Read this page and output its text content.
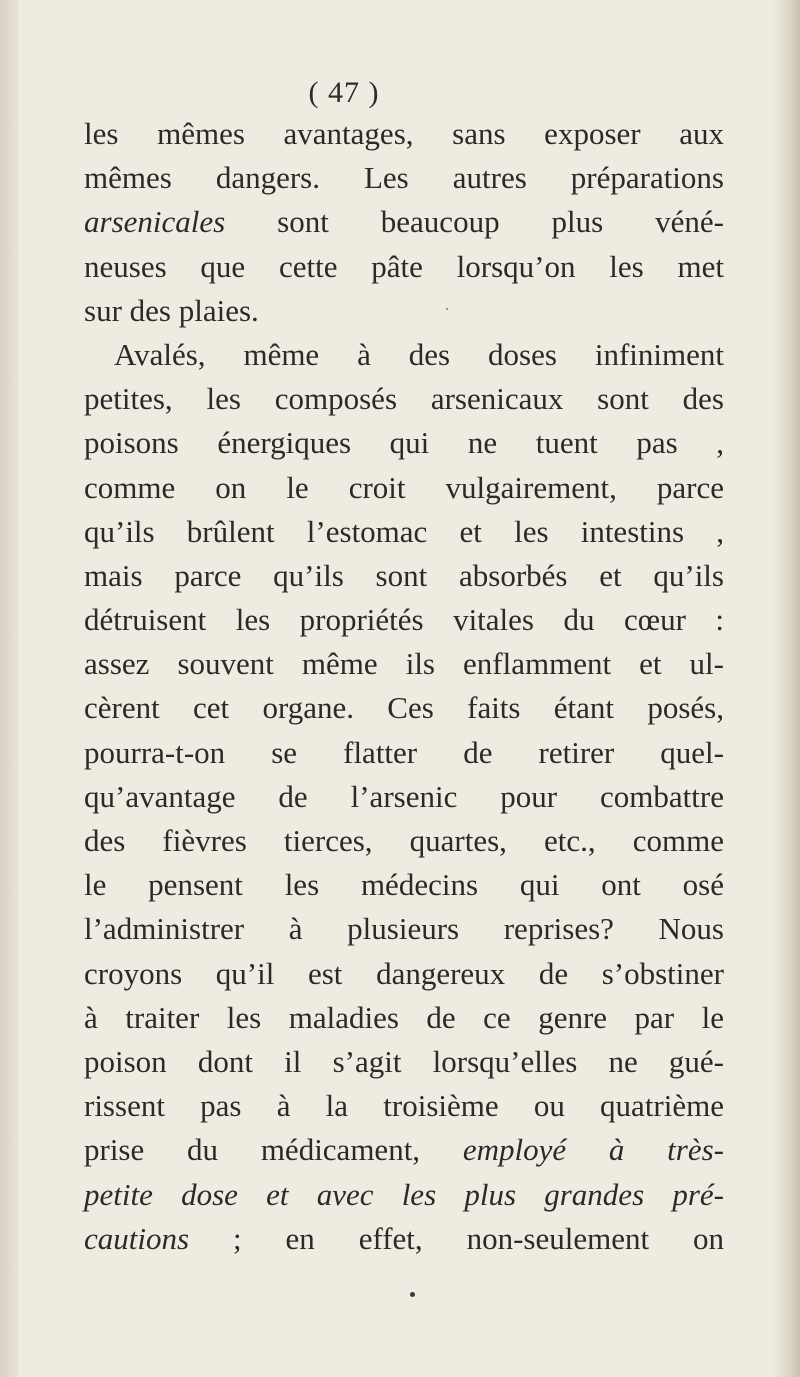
( 47 )
les mêmes avantages, sans exposer aux
mêmes dangers. Les autres préparations
arsenicales sont beaucoup plus véné-
neuses que cette pâte lorsqu’on les met
sur des plaies.
Avalés, même à des doses infiniment
petites, les composés arsenicaux sont des
poisons énergiques qui ne tuent pas ,
comme on le croit vulgairement, parce
qu’ils brûlent l’estomac et les intestins ,
mais parce qu’ils sont absorbés et qu’ils
détruisent les propriétés vitales du cœur :
assez souvent même ils enflamment et ul-
cèrent cet organe. Ces faits étant posés,
pourra-t-on se flatter de retirer quel-
qu’avantage de l’arsenic pour combattre
des fièvres tierces, quartes, etc., comme
le pensent les médecins qui ont osé
l’administrer à plusieurs reprises? Nous
croyons qu’il est dangereux de s’obstiner
à traiter les maladies de ce genre par le
poison dont il s’agit lorsqu’elles ne gué-
rissent pas à la troisième ou quatrième
prise du médicament, employé à très-
petite dose et avec les plus grandes pré-
cautions ; en effet, non-seulement on
